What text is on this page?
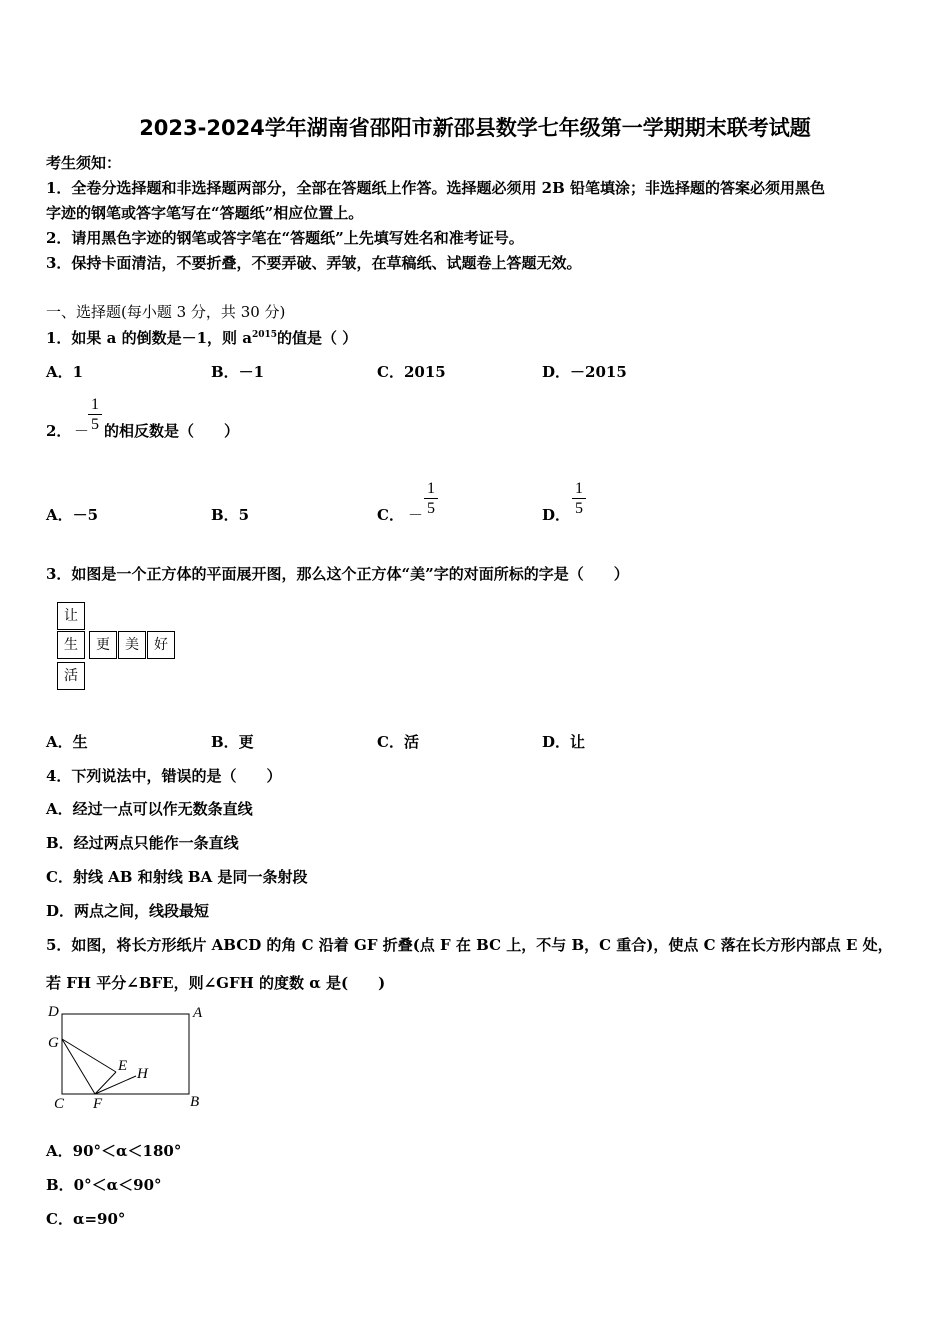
2023-2024学年湖南省邵阳市新邵县数学七年级第一学期期末联考试题
考生须知：
1．全卷分选择题和非选择题两部分，全部在答题纸上作答。选择题必须用 2B 铅笔填涂；非选择题的答案必须用黑色
字迹的钢笔或答字笔写在“答题纸”相应位置上。
2．请用黑色字迹的钢笔或答字笔在“答题纸”上先填写姓名和准考证号。
3．保持卡面清洁，不要折叠，不要弄破、弄皱，在草稿纸、试题卷上答题无效。
一、选择题(每小题 3 分，共 30 分)
1．如果 a 的倒数是－1，则 $a^{2015}$的值是（ ）
A．1	B．－1	C．2015	D．－2015
2． －
1
5 的相反数是（　　）
A．－5	B．5	C． －
1
5	D．
1
5
3．如图是一个正方体的平面展开图，那么这个正方体“美”字的对面所标的字是（　　）
让
生	更	美	好
活
A．生	B．更	C．活	D．让
4．下列说法中，错误的是（　　）
A．经过一点可以作无数条直线
B．经过两点只能作一条直线
C．射线 AB 和射线 BA 是同一条射段
D．两点之间，线段最短
5．如图，将长方形纸片 ABCD 的角 C 沿着 GF 折叠(点 F 在 BC 上，不与 B，C 重合)，使点 C 落在长方形内部点 E 处，
若 FH 平分∠BFE，则∠GFH 的度数 α 是(　　)
D	A
G
E H
C F	B
A．90°＜α＜180°
B．0°＜α＜90°
C．α=90°
